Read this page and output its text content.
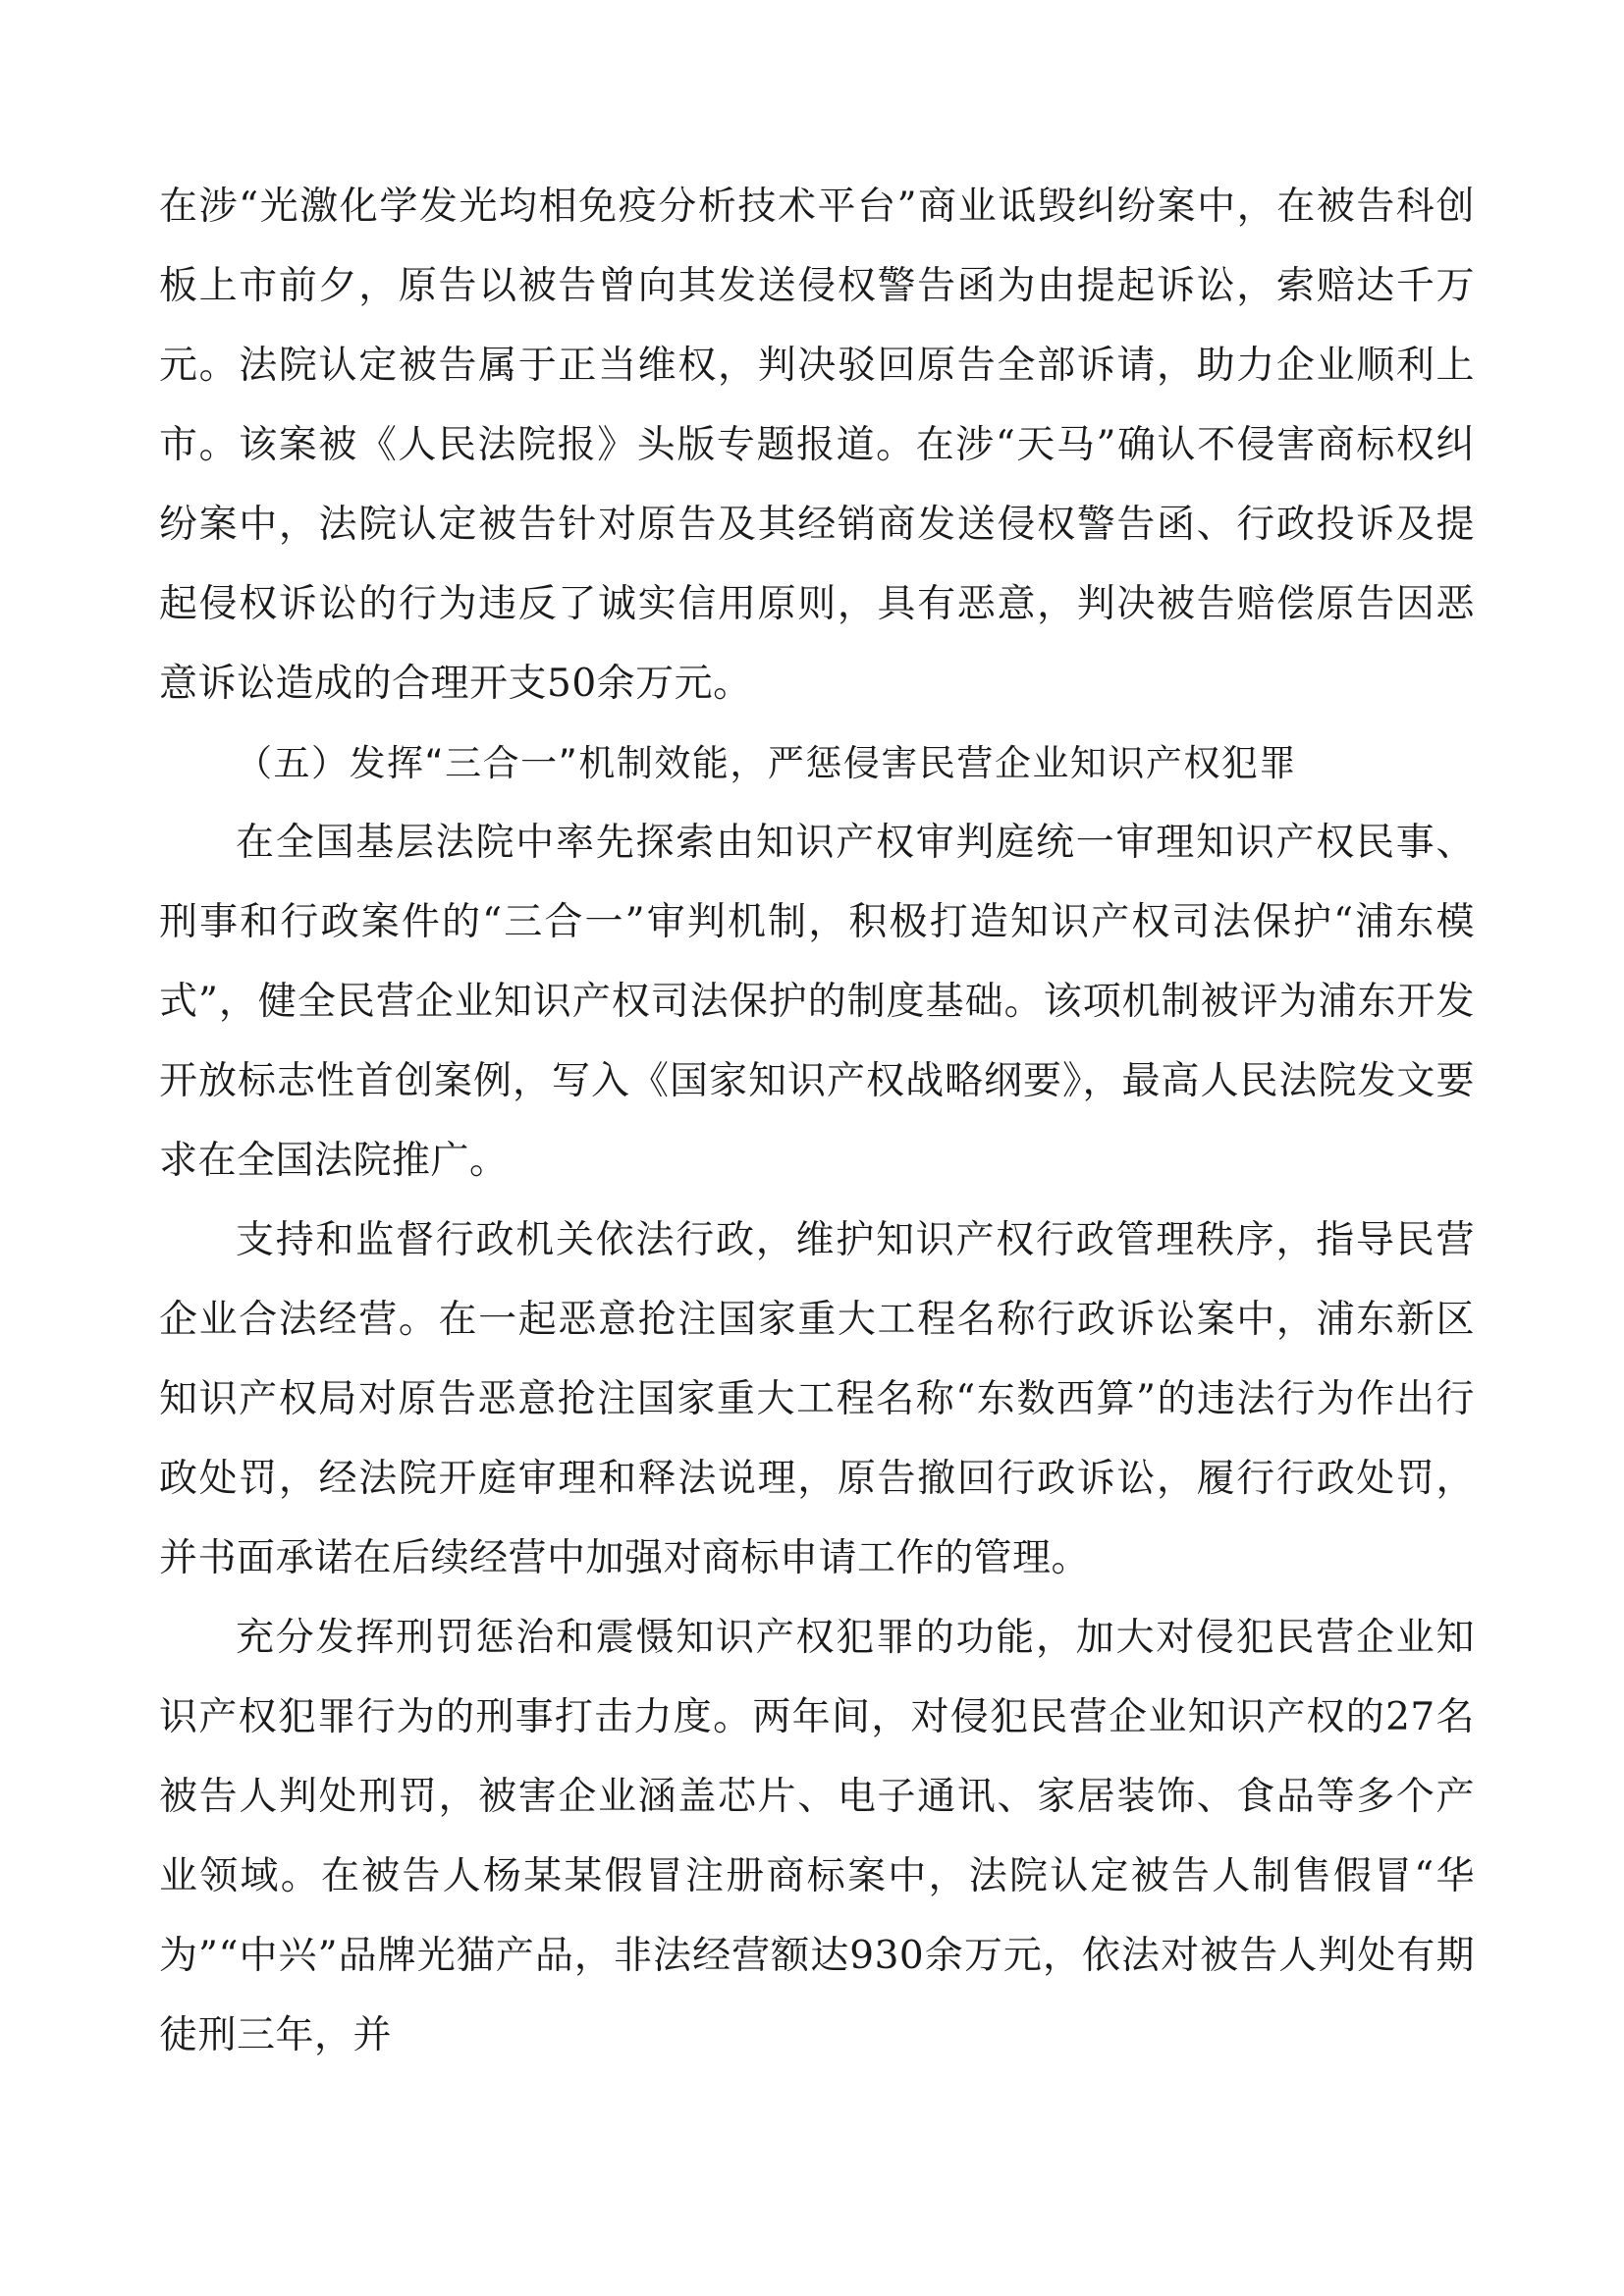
在涉“光激化学发光均相免疫分析技术平台”商业诋毁纠纷案中，在被告科创板上市前夕，原告以被告曾向其发送侵权警告函为由提起诉讼，索赔达千万元。法院认定被告属于正当维权，判决驳回原告全部诉请，助力企业顺利上市。该案被《人民法院报》头版专题报道。在涉“天马”确认不侵害商标权纠纷案中，法院认定被告针对原告及其经销商发送侵权警告函、行政投诉及提起侵权诉讼的行为违反了诚实信用原则，具有恶意，判决被告赔偿原告因恶意诉讼造成的合理开支50余万元。

（五）发挥“三合一”机制效能，严惩侵害民营企业知识产权犯罪

在全国基层法院中率先探索由知识产权审判庭统一审理知识产权民事、刑事和行政案件的“三合一”审判机制，积极打造知识产权司法保护“浦东模式”，健全民营企业知识产权司法保护的制度基础。该项机制被评为浦东开发开放标志性首创案例，写入《国家知识产权战略纲要》，最高人民法院发文要求在全国法院推广。

支持和监督行政机关依法行政，维护知识产权行政管理秩序，指导民营企业合法经营。在一起恶意抢注国家重大工程名称行政诉讼案中，浦东新区知识产权局对原告恶意抢注国家重大工程名称“东数西算”的违法行为作出行政处罚，经法院开庭审理和释法说理，原告撤回行政诉讼，履行行政处罚，并书面承诺在后续经营中加强对商标申请工作的管理。

充分发挥刑罚惩治和震慑知识产权犯罪的功能，加大对侵犯民营企业知识产权犯罪行为的刑事打击力度。两年间，对侵犯民营企业知识产权的27名被告人判处刑罚，被害企业涵盖芯片、电子通讯、家居装饰、食品等多个产业领域。在被告人杨某某假冒注册商标案中，法院认定被告人制售假冒“华为”“中兴”品牌光猫产品，非法经营额达930余万元，依法对被告人判处有期徒刑三年，并
